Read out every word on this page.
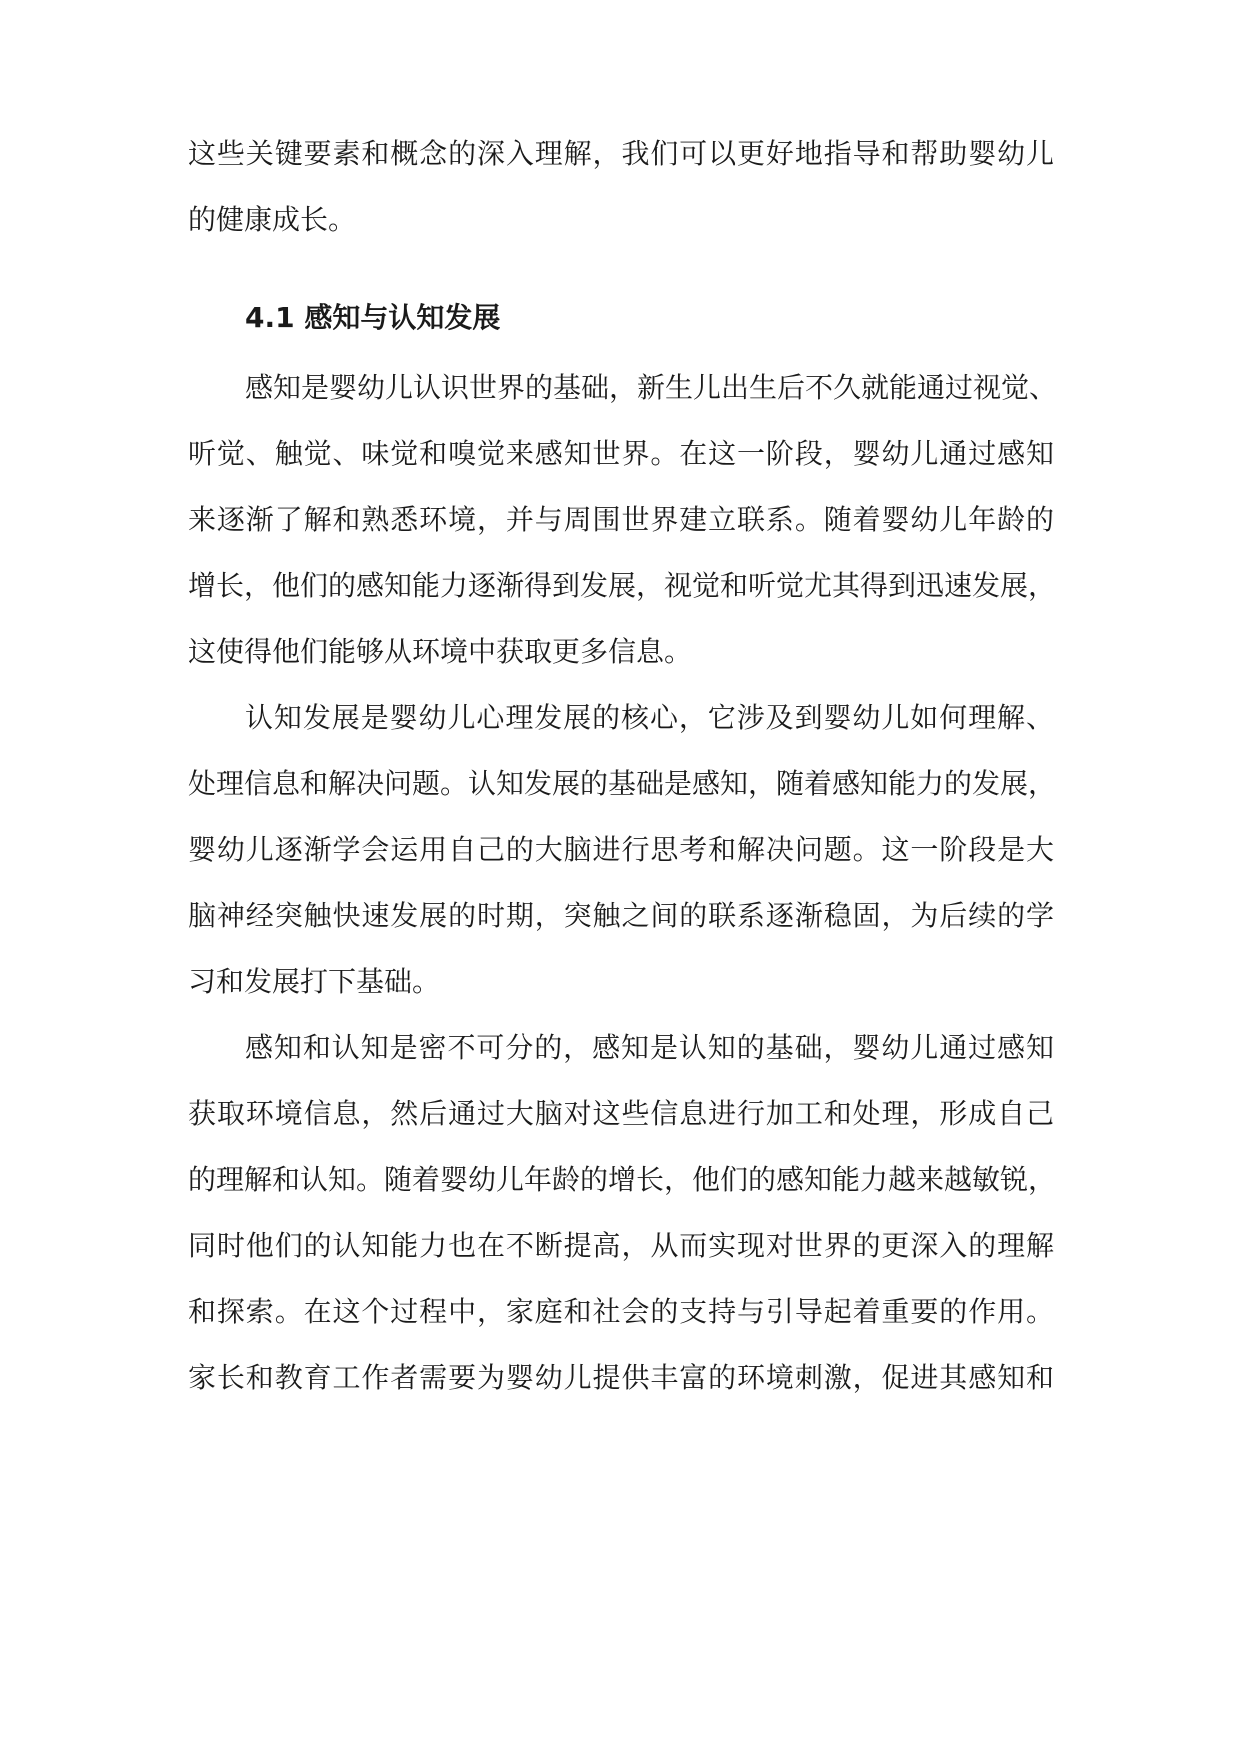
这些关键要素和概念的深入理解，我们可以更好地指导和帮助婴幼儿
的健康成长。
4.1 感知与认知发展
感知是婴幼儿认识世界的基础，新生儿出生后不久就能通过视觉、
听觉、触觉、味觉和嗅觉来感知世界。在这一阶段，婴幼儿通过感知
来逐渐了解和熟悉环境，并与周围世界建立联系。随着婴幼儿年龄的
增长，他们的感知能力逐渐得到发展，视觉和听觉尤其得到迅速发展，
这使得他们能够从环境中获取更多信息。
认知发展是婴幼儿心理发展的核心，它涉及到婴幼儿如何理解、
处理信息和解决问题。认知发展的基础是感知，随着感知能力的发展，
婴幼儿逐渐学会运用自己的大脑进行思考和解决问题。这一阶段是大
脑神经突触快速发展的时期，突触之间的联系逐渐稳固，为后续的学
习和发展打下基础。
感知和认知是密不可分的，感知是认知的基础，婴幼儿通过感知
获取环境信息，然后通过大脑对这些信息进行加工和处理，形成自己
的理解和认知。随着婴幼儿年龄的增长，他们的感知能力越来越敏锐，
同时他们的认知能力也在不断提高，从而实现对世界的更深入的理解
和探索。在这个过程中，家庭和社会的支持与引导起着重要的作用。
家长和教育工作者需要为婴幼儿提供丰富的环境刺激，促进其感知和
